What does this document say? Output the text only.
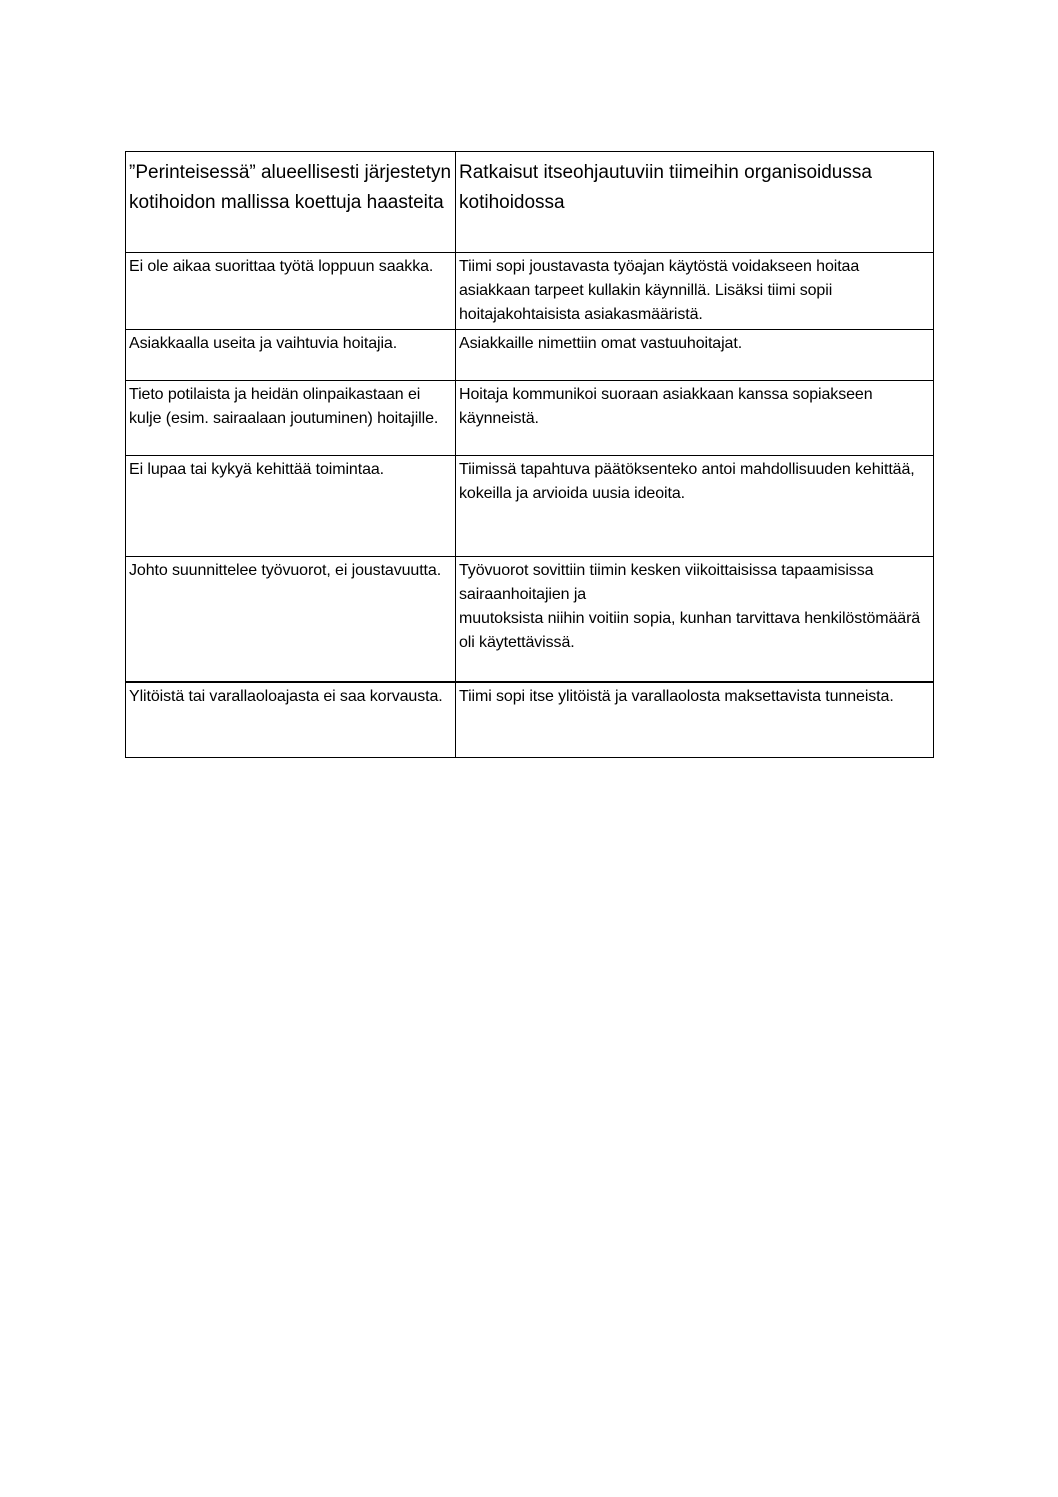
”Perinteisessä” alueellisesti järjestetyn kotihoidon mallissa koettuja haasteita	Ratkaisut itseohjautuviin tiimeihin organisoidussa kotihoidossa
Ei ole aikaa suorittaa työtä loppuun saakka.	Tiimi sopi joustavasta työajan käytöstä voidakseen hoitaa asiakkaan tarpeet kullakin käynnillä. Lisäksi tiimi sopii hoitajakohtaisista asiakasmääristä.
Asiakkaalla useita ja vaihtuvia hoitajia.	Asiakkaille nimettiin omat vastuuhoitajat.
Tieto potilaista ja heidän olinpaikastaan ei kulje (esim. sairaalaan joutuminen) hoitajille.	Hoitaja kommunikoi suoraan asiakkaan kanssa sopiakseen käynneistä.
Ei lupaa tai kykyä kehittää toimintaa.	Tiimissä tapahtuva päätöksenteko antoi mahdollisuuden kehittää, kokeilla ja arvioida uusia ideoita.
Johto suunnittelee työvuorot, ei joustavuutta.	Työvuorot sovittiin tiimin kesken viikoittaisissa tapaamisissa sairaanhoitajien ja
muutoksista niihin voitiin sopia, kunhan tarvittava henkilöstömäärä oli käytettävissä.
Ylitöistä tai varallaoloajasta ei saa korvausta.	Tiimi sopi itse ylitöistä ja varallaolosta maksettavista tunneista.
